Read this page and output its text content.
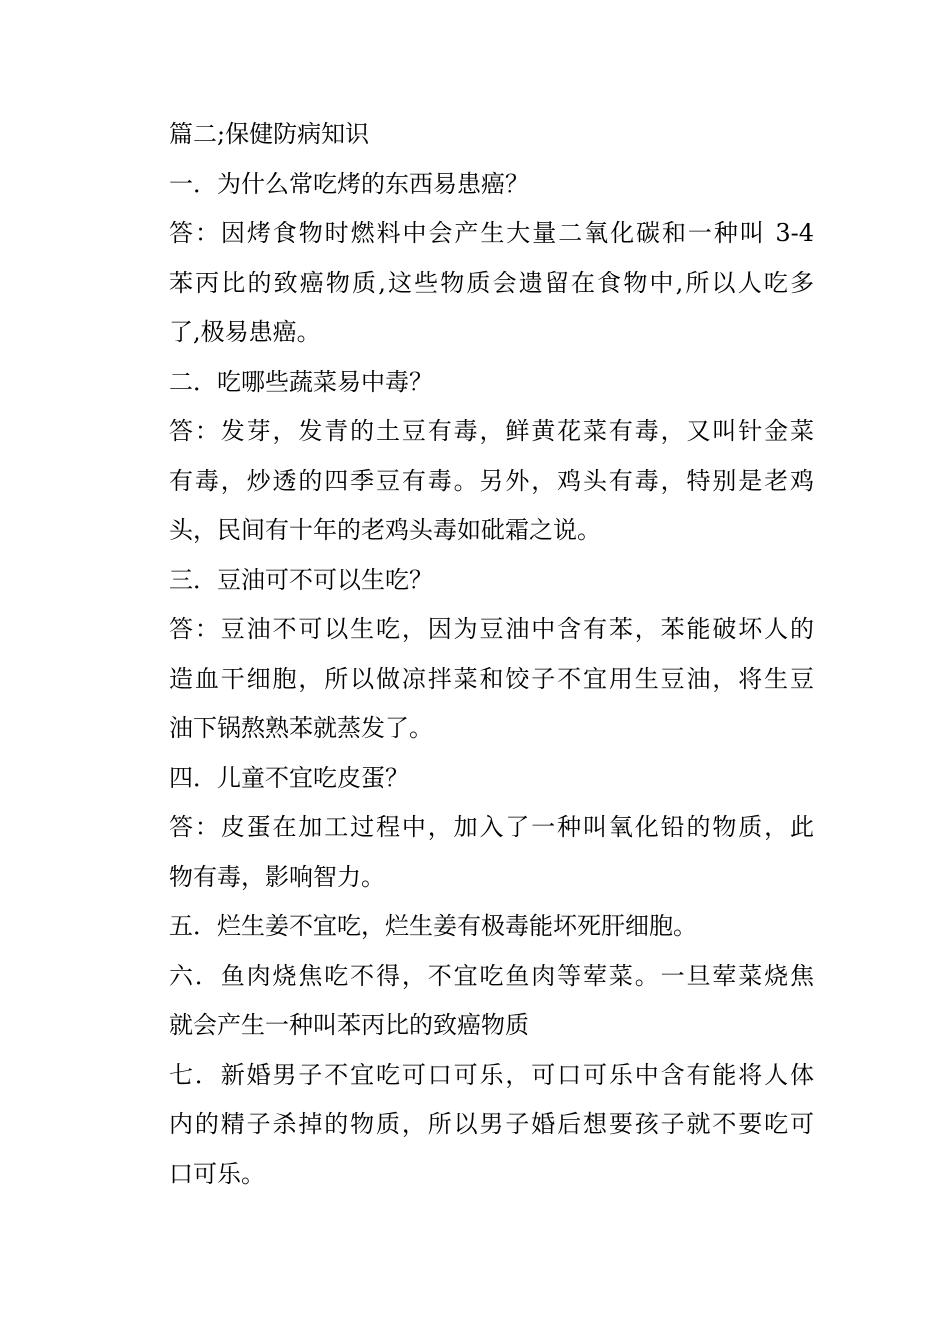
篇二;保健防病知识
一．为什么常吃烤的东西易患癌？
答：因烤食物时燃料中会产生大量二氧化碳和一种叫 3-4
苯丙比的致癌物质,这些物质会遗留在食物中,所以人吃多
了,极易患癌。
二．吃哪些蔬菜易中毒？
答：发芽，发青的土豆有毒，鲜黄花菜有毒，又叫针金菜
有毒，炒透的四季豆有毒。另外，鸡头有毒，特别是老鸡
头，民间有十年的老鸡头毒如砒霜之说。
三．豆油可不可以生吃？
答：豆油不可以生吃，因为豆油中含有苯，苯能破坏人的
造血干细胞，所以做凉拌菜和饺子不宜用生豆油，将生豆
油下锅熬熟苯就蒸发了。
四．儿童不宜吃皮蛋？
答：皮蛋在加工过程中，加入了一种叫氧化铅的物质，此
物有毒，影响智力。
五．烂生姜不宜吃，烂生姜有极毒能坏死肝细胞。
六．鱼肉烧焦吃不得，不宜吃鱼肉等荤菜。一旦荤菜烧焦
就会产生一种叫苯丙比的致癌物质
七．新婚男子不宜吃可口可乐，可口可乐中含有能将人体
内的精子杀掉的物质，所以男子婚后想要孩子就不要吃可
口可乐。
